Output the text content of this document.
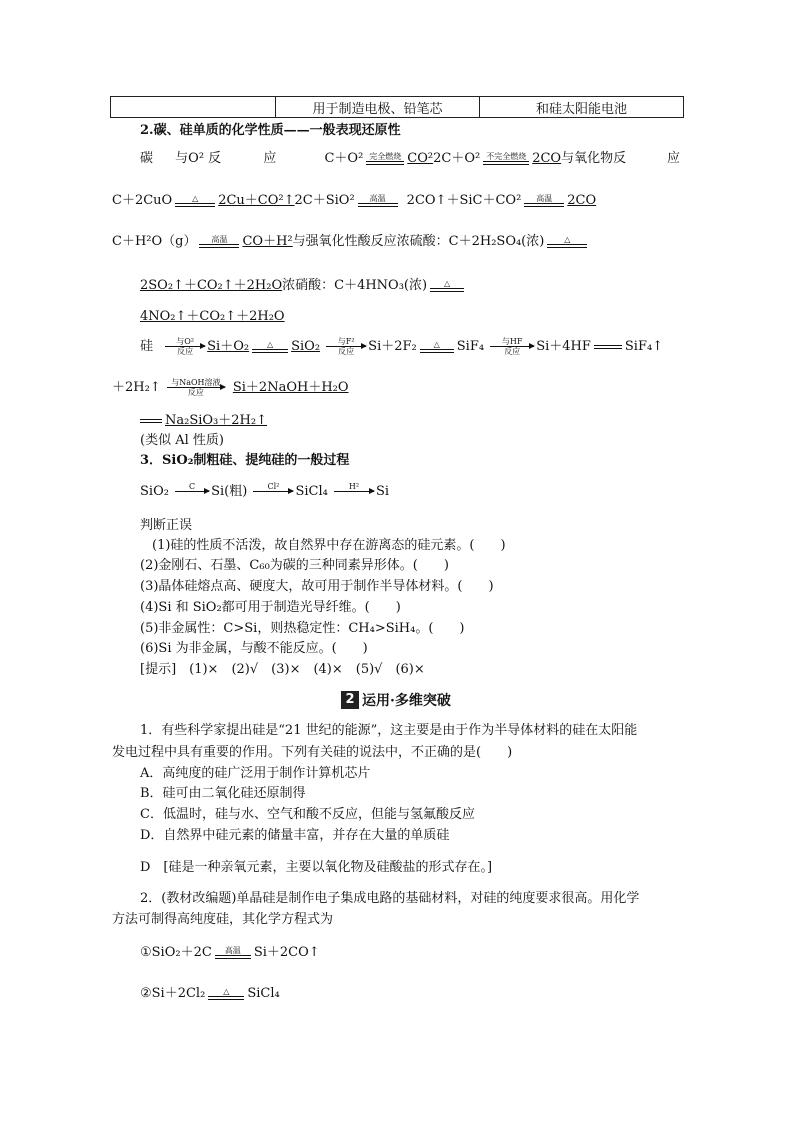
	用于制造电极、铅笔芯	和硅太阳能电池
2.碳、硅单质的化学性质——一般表现还原性
碳 与O² 反	应	C＋O² 完全燃烧 CO²2C＋O² 不完全燃烧 2CO与氧化物反	应
C＋2CuO	△	2Cu＋CO²↑2C＋SiO²	高温	2CO↑＋SiC＋CO²	高温	2CO
C＋H²O（g）	高温	CO＋H²与强氧化性酸反应浓硫酸：C＋2H₂SO₄(浓)	△
2SO₂↑＋CO₂↑＋2H₂O浓硝酸：C＋4HNO₃(浓)	△
4NO₂↑＋CO₂↑＋2H₂O
硅	与O²
反应	Si＋O₂	△	SiO₂	与F²
反应	Si＋2F₂	△	SiF₄	与HF
反应	Si＋4HF	SiF₄↑
＋2H₂↑	与NaOH溶液
反应	Si＋2NaOH＋H₂O
Na₂SiO₃＋2H₂↑
(类似 Al 性质)
3．SiO₂制粗硅、提纯硅的一般过程
SiO₂	C
	Si(粗)	Cl²
	SiCl₄	H²
	Si
判断正误
(1)硅的性质不活泼，故自然界中存在游离态的硅元素。(　　)
(2)金刚石、石墨、C₆₀为碳的三种同素异形体。(　　)
(3)晶体硅熔点高、硬度大，故可用于制作半导体材料。(　　)
(4)Si 和 SiO₂都可用于制造光导纤维。(　　)
(5)非金属性：C>Si，则热稳定性：CH₄>SiH₄。(　　)
(6)Si 为非金属，与酸不能反应。(　　)
[提示]　(1)×　(2)√　(3)×　(4)×　(5)√　(6)×
2 运用·多维突破
1．有些科学家提出硅是“21 世纪的能源”，这主要是由于作为半导体材料的硅在太阳能
发电过程中具有重要的作用。下列有关硅的说法中，不正确的是(　　)
A．高纯度的硅广泛用于制作计算机芯片
B．硅可由二氧化硅还原制得
C．低温时，硅与水、空气和酸不反应，但能与氢氟酸反应
D．自然界中硅元素的储量丰富，并存在大量的单质硅
D　[硅是一种亲氧元素，主要以氧化物及硅酸盐的形式存在。]
2．(教材改编题)单晶硅是制作电子集成电路的基础材料，对硅的纯度要求很高。用化学
方法可制得高纯度硅，其化学方程式为
①SiO₂＋2C	高温	Si＋2CO↑
②Si＋2Cl₂	△	SiCl₄
